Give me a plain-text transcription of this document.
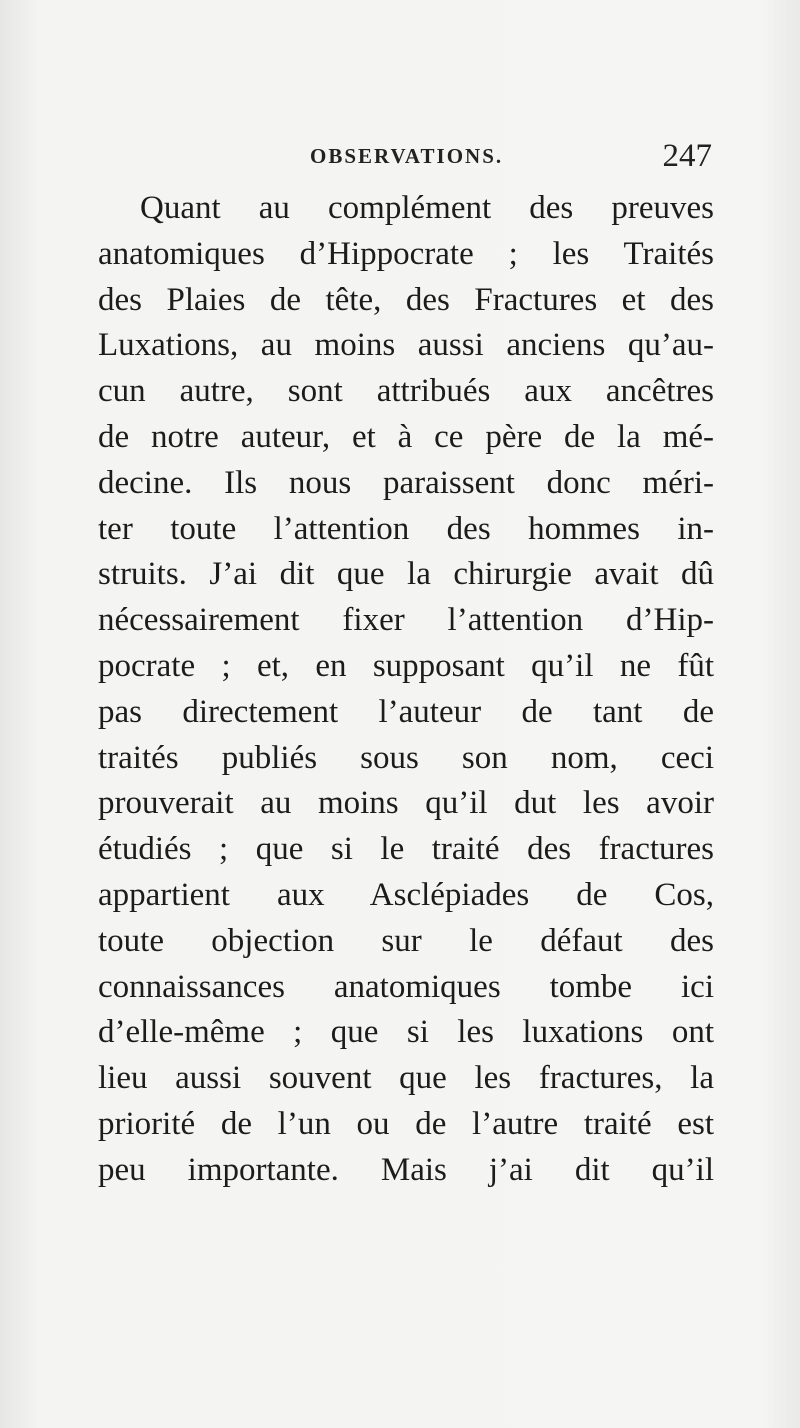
OBSERVATIONS.	247
Quant au complément des preuves
anatomiques d’Hippocrate ; les Traités
des Plaies de tête, des Fractures et des
Luxations, au moins aussi anciens qu’au-
cun autre, sont attribués aux ancêtres
de notre auteur, et à ce père de la mé-
decine. Ils nous paraissent donc méri-
ter toute l’attention des hommes in-
struits. J’ai dit que la chirurgie avait dû
nécessairement fixer l’attention d’Hip-
pocrate ; et, en supposant qu’il ne fût
pas directement l’auteur de tant de
traités publiés sous son nom, ceci
prouverait au moins qu’il dut les avoir
étudiés ; que si le traité des fractures
appartient aux Asclépiades de Cos,
toute objection sur le défaut des
connaissances anatomiques tombe ici
d’elle-même ; que si les luxations ont
lieu aussi souvent que les fractures, la
priorité de l’un ou de l’autre traité est
peu importante. Mais j’ai dit qu’il
